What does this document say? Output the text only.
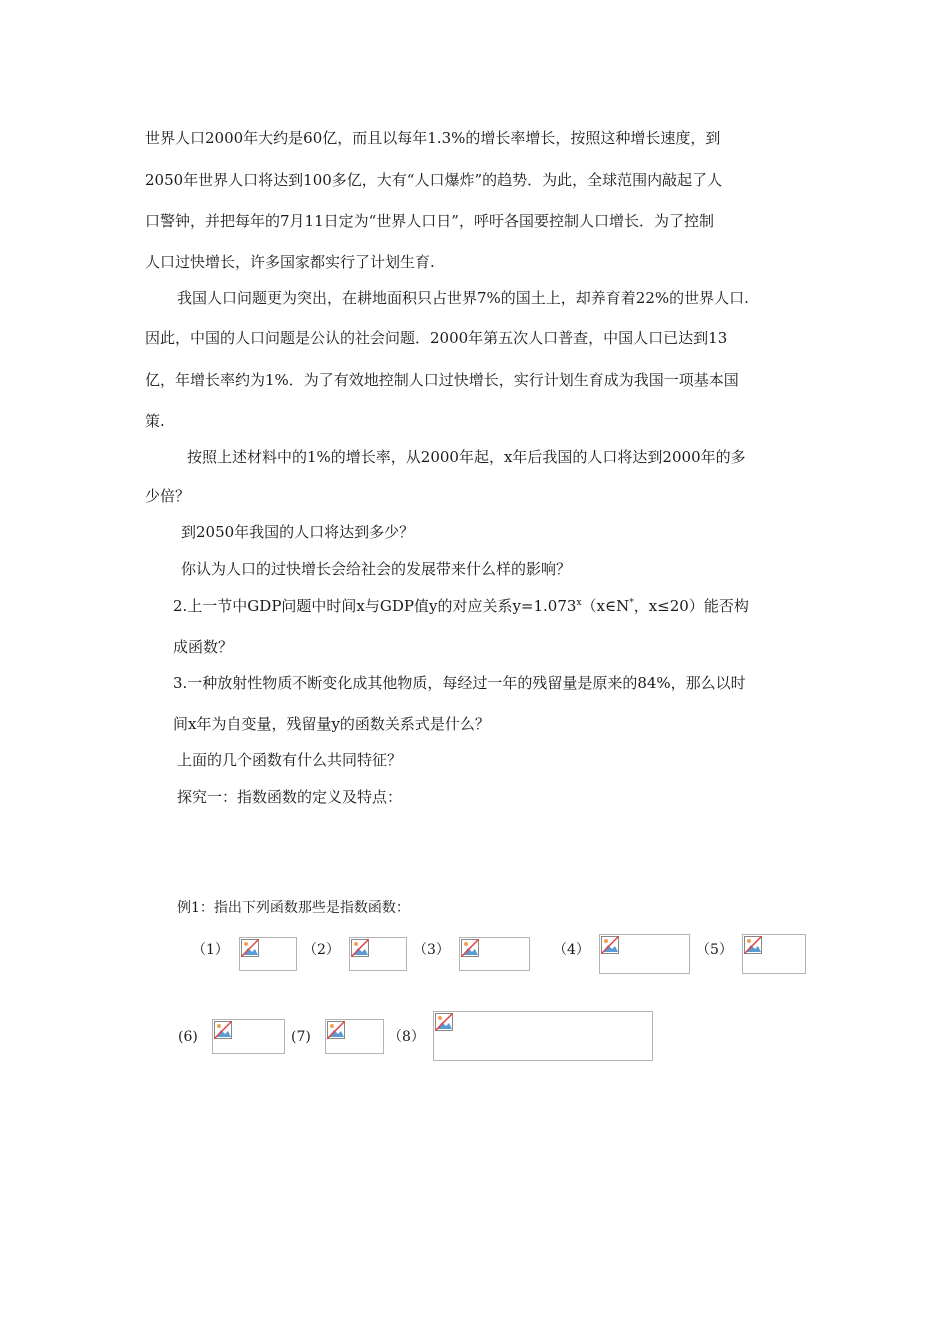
世界人口2000年大约是60亿，而且以每年1.3%的增长率增长，按照这种增长速度，到
2050年世界人口将达到100多亿，大有“人口爆炸”的趋势．为此，全球范围内敲起了人
口警钟，并把每年的7月11日定为“世界人口日”，呼吁各国要控制人口增长．为了控制
人口过快增长，许多国家都实行了计划生育.
我国人口问题更为突出，在耕地面积只占世界7%的国土上，却养育着22%的世界人口.
因此，中国的人口问题是公认的社会问题．2000年第五次人口普查，中国人口已达到13
亿，年增长率约为1%．为了有效地控制人口过快增长，实行计划生育成为我国一项基本国
策.
按照上述材料中的1%的增长率，从2000年起，x年后我国的人口将达到2000年的多
少倍？
到2050年我国的人口将达到多少？
你认为人口的过快增长会给社会的发展带来什么样的影响？
2.上一节中GDP问题中时间x与GDP值y的对应关系$y=1.073^x(x\in N^*$，x≤20）能否构
成函数？
3.一种放射性物质不断变化成其他物质，每经过一年的残留量是原来的84%，那么以时
间x年为自变量，残留量y的函数关系式是什么？
上面的几个函数有什么共同特征？
探究一：指数函数的定义及特点：
例1：指出下列函数那些是指数函数：
（1）	（2）	（3）	（4）	（5）
(6)	(7)	（8）
